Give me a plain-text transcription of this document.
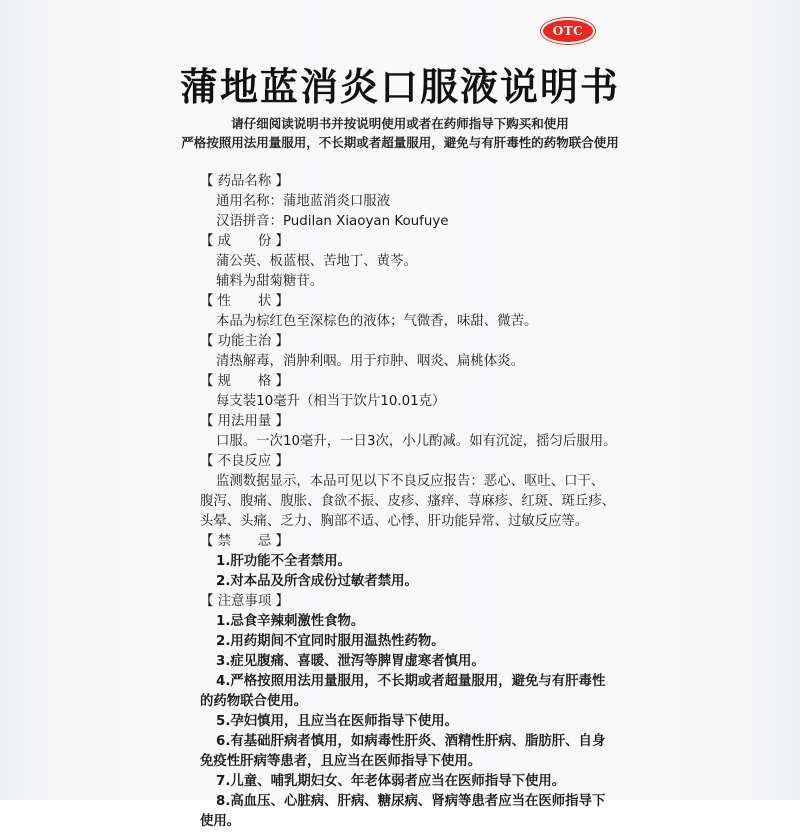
OTC
蒲地蓝消炎口服液说明书
请仔细阅读说明书并按说明使用或者在药师指导下购买和使用
严格按照用法用量服用，不长期或者超量服用，避免与有肝毒性的药物联合使用
【 药品名称 】
通用名称：蒲地蓝消炎口服液
汉语拼音：Pudilan Xiaoyan Koufuye
【 成　　份 】
蒲公英、板蓝根、苦地丁、黄芩。
辅料为甜菊糖苷。
【 性　　状 】
本品为棕红色至深棕色的液体；气微香，味甜、微苦。
【 功能主治 】
清热解毒，消肿利咽。用于疖肿、咽炎、扁桃体炎。
【 规　　格 】
每支装10毫升（相当于饮片10.01克）
【 用法用量 】
口服。一次10毫升，一日3次，小儿酌减。如有沉淀，摇匀后服用。
【 不良反应 】
监测数据显示，本品可见以下不良反应报告：恶心、呕吐、口干、
腹泻、腹痛、腹胀、食欲不振、皮疹、瘙痒、荨麻疹、红斑、斑丘疹、
头晕、头痛、乏力、胸部不适、心悸、肝功能异常、过敏反应等。
【 禁　　忌 】
1.肝功能不全者禁用。
2.对本品及所含成份过敏者禁用。
【 注意事项 】
1.忌食辛辣刺激性食物。
2.用药期间不宜同时服用温热性药物。
3.症见腹痛、喜暖、泄泻等脾胃虚寒者慎用。
4.严格按照用法用量服用，不长期或者超量服用，避免与有肝毒性
的药物联合使用。
5.孕妇慎用，且应当在医师指导下使用。
6.有基础肝病者慎用，如病毒性肝炎、酒精性肝病、脂肪肝、自身
免疫性肝病等患者，且应当在医师指导下使用。
7.儿童、哺乳期妇女、年老体弱者应当在医师指导下使用。
8.高血压、心脏病、肝病、糖尿病、肾病等患者应当在医师指导下
使用。
